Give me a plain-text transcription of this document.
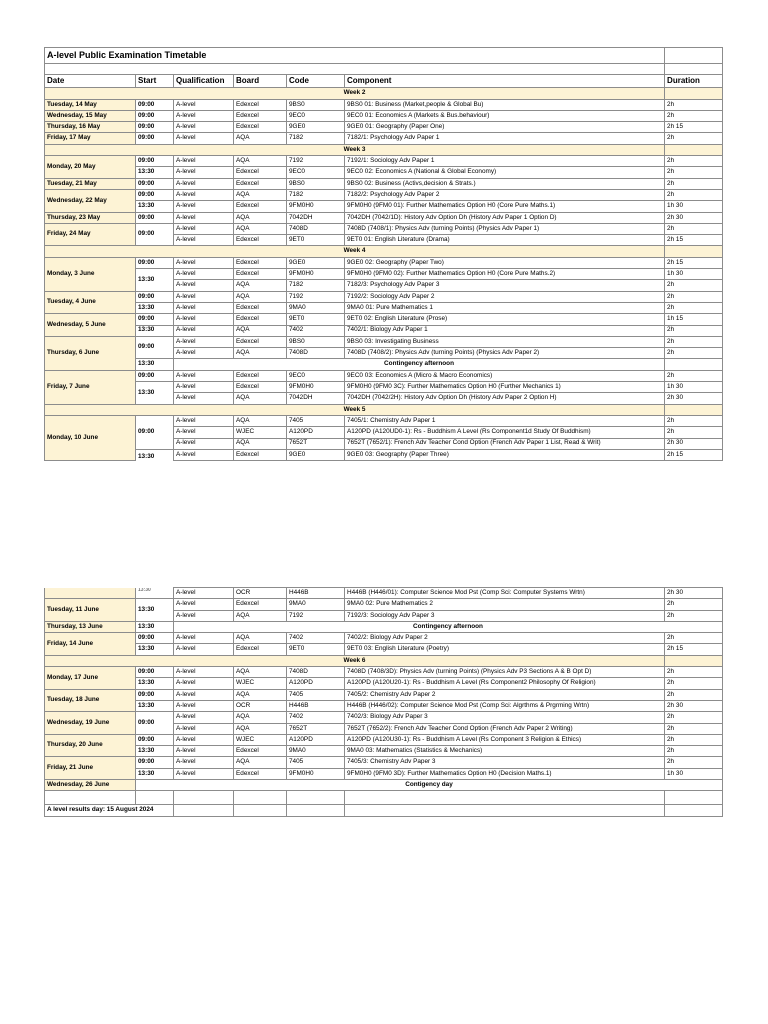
A-level Public Examination Timetable						

Date	Start	Qualification	Board	Code	Component	Duration
Week 2						
Tuesday, 14 May	09:00	A-level	Edexcel	9BS0	9BS0 01: Business (Market,people & Global Bu)	2h
Wednesday, 15 May	09:00	A-level	Edexcel	9EC0	9EC0 01: Economics A (Markets & Bus.behaviour)	2h
Thursday, 16 May	09:00	A-level	Edexcel	9GE0	9GE0 01: Geography (Paper One)	2h 15
Friday, 17 May	09:00	A-level	AQA	7182	7182/1: Psychology Adv Paper 1	2h
Week 3						
Monday, 20 May	09:00	A-level	AQA	7192	7192/1: Sociology Adv Paper 1	2h
	13:30	A-level	Edexcel	9EC0	9EC0 02: Economics A (National & Global Economy)	2h
Tuesday, 21 May	09:00	A-level	Edexcel	9BS0	9BS0 02: Business (Activs,decision & Strats.)	2h
Wednesday, 22 May	09:00	A-level	AQA	7182	7182/2: Psychology Adv Paper 2	2h
	13:30	A-level	Edexcel	9FM0H0	9FM0H0 (9FM0 01): Further Mathematics Option H0 (Core Pure Maths.1)	1h 30
Thursday, 23 May	09:00	A-level	AQA	7042DH	7042DH (7042/1D): History Adv Option Dh (History Adv Paper 1 Option D)	2h 30
Friday, 24 May	09:00	A-level	AQA	7408D	7408D (7408/1): Physics Adv (turning Points) (Physics Adv Paper 1)	2h
		A-level	Edexcel	9ET0	9ET0 01: English Literature (Drama)	2h 15
Week 4						
Monday, 3 June	09:00	A-level	Edexcel	9GE0	9GE0 02: Geography (Paper Two)	2h 15
	13:30	A-level	Edexcel	9FM0H0	9FM0H0 (9FM0 02): Further Mathematics Option H0 (Core Pure Maths.2)	1h 30
		A-level	AQA	7182	7182/3: Psychology Adv Paper 3	2h
Tuesday, 4 June	09:00	A-level	AQA	7192	7192/2: Sociology Adv Paper 2	2h
	13:30	A-level	Edexcel	9MA0	9MA0 01: Pure Mathematics 1	2h
Wednesday, 5 June	09:00	A-level	Edexcel	9ET0	9ET0 02: English Literature (Prose)	1h 15
	13:30	A-level	AQA	7402	7402/1: Biology Adv Paper 1	2h
Thursday, 6 June	09:00	A-level	Edexcel	9BS0	9BS0 03: Investigating Business	2h
		A-level	AQA	7408D	7408D (7408/2): Physics Adv (turning Points) (Physics Adv Paper 2)	2h
	13:30	Contingency afternoon				
Friday, 7 June	09:00	A-level	Edexcel	9EC0	9EC0 03: Economics A (Micro & Macro Economics)	2h
	13:30	A-level	Edexcel	9FM0H0	9FM0H0 (9FM0 3C): Further Mathematics Option H0 (Further Mechanics 1)	1h 30
		A-level	AQA	7042DH	7042DH (7042/2H): History Adv Option Dh (History Adv Paper 2 Option H)	2h 30
Week 5						
Monday, 10 June	09:00	A-level	AQA	7405	7405/1: Chemistry Adv Paper 1	2h
		A-level	WJEC	A120PD	A120PD (A120UD0-1): Rs - Buddhism A Level (Rs Component1d Study Of Buddhism)	2h
		A-level	AQA	7652T	7652T (7652/1): French Adv Teacher Cond Option (French Adv Paper 1 List, Read & Writ)	2h 30
	13:30	A-level	Edexcel	9GE0	9GE0 03: Geography (Paper Three)	2h 15
	13:30	A-level	OCR	H446B	H446B (H446/01): Computer Science Mod Pst (Comp Sci: Computer Systems Wrtn)	2h 30
Tuesday, 11 June	13:30	A-level	Edexcel	9MA0	9MA0 02: Pure Mathematics 2	2h
		A-level	AQA	7192	7192/3: Sociology Adv Paper 3	2h
Thursday, 13 June	13:30	Contingency afternoon				
Friday, 14 June	09:00	A-level	AQA	7402	7402/2: Biology Adv Paper 2	2h
	13:30	A-level	Edexcel	9ET0	9ET0 03: English Literature (Poetry)	2h 15
Week 6						
Monday, 17 June	09:00	A-level	AQA	7408D	7408D (7408/3D): Physics Adv (turning Points) (Physics Adv P3 Sections A & B Opt D)	2h
	13:30	A-level	WJEC	A120PD	A120PD (A120U20-1): Rs - Buddhism A Level (Rs Component2 Philosophy Of Religion)	2h
Tuesday, 18 June	09:00	A-level	AQA	7405	7405/2: Chemistry Adv Paper 2	2h
	13:30	A-level	OCR	H446B	H446B (H446/02): Computer Science Mod Pst (Comp Sci: Algrthms & Prgrming Wrtn)	2h 30
Wednesday, 19 June	09:00	A-level	AQA	7402	7402/3: Biology Adv Paper 3	2h
		A-level	AQA	7652T	7652T (7652/2): French Adv Teacher Cond Option (French Adv Paper 2 Writing)	2h
Thursday, 20 June	09:00	A-level	WJEC	A120PD	A120PD (A120U30-1): Rs - Buddhism A Level (Rs Component 3 Religion & Ethics)	2h
	13:30	A-level	Edexcel	9MA0	9MA0 03: Mathematics (Statistics & Mechanics)	2h
Friday, 21 June	09:00	A-level	AQA	7405	7405/3: Chemistry Adv Paper 3	2h
	13:30	A-level	Edexcel	9FM0H0	9FM0H0 (9FM0 3D): Further Mathematics Option H0 (Decision Maths.1)	1h 30
Wednesday, 26 June	Contigency day					

A level results day: 15 August 2024						
